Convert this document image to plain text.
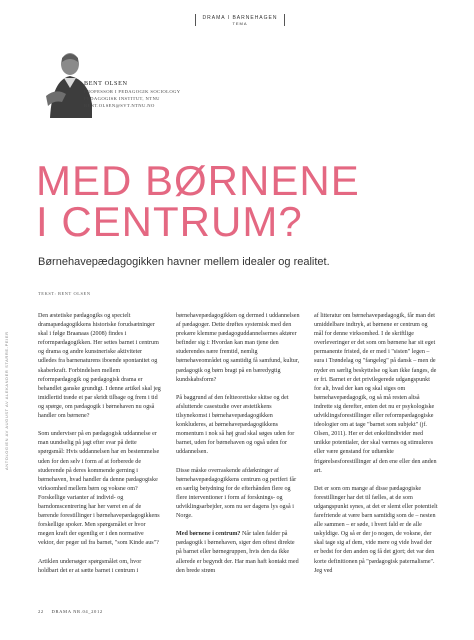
DRAMA I BARNEHAGEN
TEMA
ANTOLOGIEN AV AUGUST AV ALEKANDER STARRE-PEIER
BENT OLSEN
PROFESSOR I PEDAGOGIK SOCIOLOGY
PEDAGOGISK INSTITUT, NTNU
BENT.OLSEN@SVT.NTNU.NO
MED BØRNENE
I CENTRUM?
Børnehavepædagogikken havner mellem idealer og realitet.
TEKST: BENT OLSEN

Den æstetiske pædagogiks og specielt dramapædagogikkens historiske forudsætninger skal i følge Braanaas (2008) findes i reformpædagogikken. Her settes barnet i centrum og drama og andre kunstneriske aktiviteter udledes fra barnenaturens iboende spontanitet og skaberkraft. Forbindelsen mellem reformpædagogik og pædagogisk drama er behandlet ganske grundigt. I denne artikel skal jeg imidlertid træde et par skridt tilbage og frem i tid og spørge, om pædagogik i børnehaven nu også handler om børnene?

Som underviser på en pædagogisk uddannelse er man uundselig på jagt efter svar på dette spørgsmål: Hvis uddannelsen har en bestemmelse uden for den selv i form af at forberede de studerende på deres kommende gerning i børnehaven, hvad handler da denne pædagogiske virksomhed mellem børn og voksne om? Forskellige varianter af individ- og barndomscentrering har her været en af de bærende forestillinger i børnehavepædagogikkens forskellige spoker. Men spørgsmålet er hvor megen kraft der egentlig er i den normative vektor, der peger ud fra barnet, "som Kinde aus"?

Artiklen undersøger spørgsmålet om, hvor holdbart det er at sætte barnet i centrum i

børnehavepædagogikken og dermed i uddannelsen af pædagoger. Dette drøftes systemisk med den prekære klemme pædagoguddannelsernes aktører befinder sig i: Hvordan kan man tjene den studerendes nære fremtid, nemlig børnehaveområdet og samtidig få samfund, kultur, pædagogik og børn bragt på en bæredygtig kundskabsform?

På baggrund af den feltteoretiske skitse og det afsluttende casestudie over æstetikkens tilsynekomst i børnehavepædagogikken konkluderes, at børnehavepædagogikkens momentum i nok så høj grad skal søges uden for barnet, uden for børnehaven og også uden for uddannelsen.

Disse måske overraskende afdækninger af børnehavepædagogikkens centrum og periferi får en særlig betydning for de efterhånden flere og flere interventioner i form af forsknings- og udviklingsarbejder, som nu ser dagens lys også i Norge.

Med børnene i centrum? Når talen falder på pædagogik i børnehaven, siger den oftest direkte på barnet eller børnegruppen, hvis den da ikke allerede er begyndt der. Har man haft kontakt med den brede strøm

af litteratur om børnehavepædagogik, får man det umiddelbare indtryk, at børnene er centrum og mål for denne virksomhed. I de skriftlige overleveringer er det som om børnene har sit eget permanente fristed, de er med i "sisten" legen – sura i Trøndelag og "fangeleg" på dansk – men de nyder en særlig beskyttelse og kan ikke fanges, de er fri. Barnet er det privilegerede udgangspunkt for alt, hvad der kan og skal siges om børnehavepædagogik, og så må resten altså indrette sig derefter, enten det nu er psykologiske udviklingsforestillinger eller reformpædagogiske ideologier om at tage "barnet som subjekt" (jf. Olsen, 2011). Her er det enkeltindivider med unikke potentialer, der skal værnes og stimuleres eller være genstand for udtænkte frigørelsesforestillinger af den ene eller den anden art.

Det er som om mange af disse pædagogiske forestillinger har det til fælles, at de som udgangspunkt synes, at det er slemt eller potentielt farefriende at være barn samtidig som de – nesten alle sammen – er søde, i hvert fald er de alle uskyldige. Og så er der jo nogen, de voksne, der skal tage sig af dem, vide mere og vide hvad der er bedst for den anden og få det gjort; det var den korte definitionen på "pædagogisk paternalisme". Jeg ved

22 DRAMA NR.04_2012
